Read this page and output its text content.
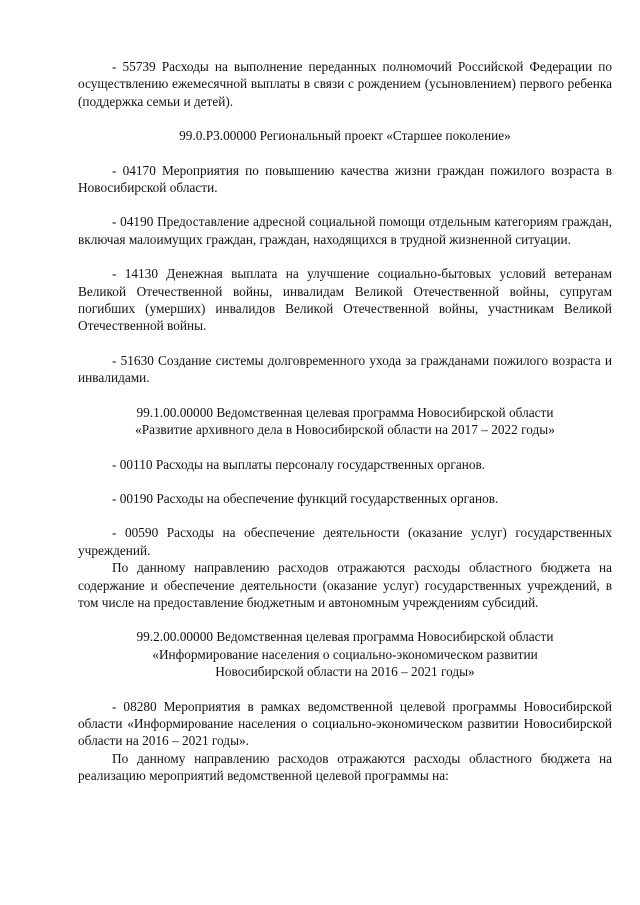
- 55739 Расходы на выполнение переданных полномочий Российской Федерации по осуществлению ежемесячной выплаты в связи с рождением (усыновлением) первого ребенка (поддержка семьи и детей).

99.0.P3.00000 Региональный проект «Старшее поколение»

- 04170 Мероприятия по повышению качества жизни граждан пожилого возраста в Новосибирской области.

- 04190 Предоставление адресной социальной помощи отдельным категориям граждан, включая малоимущих граждан, граждан, находящихся в трудной жизненной ситуации.

- 14130 Денежная выплата на улучшение социально-бытовых условий ветеранам Великой Отечественной войны, инвалидам Великой Отечественной войны, супругам погибших (умерших) инвалидов Великой Отечественной войны, участникам Великой Отечественной войны.

- 51630 Создание системы долговременного ухода за гражданами пожилого возраста и инвалидами.

99.1.00.00000 Ведомственная целевая программа Новосибирской области

«Развитие архивного дела в Новосибирской области на 2017 – 2022 годы»

- 00110 Расходы на выплаты персоналу государственных органов.

- 00190 Расходы на обеспечение функций государственных органов.

- 00590 Расходы на обеспечение деятельности (оказание услуг) государственных учреждений.

По данному направлению расходов отражаются расходы областного бюджета на содержание и обеспечение деятельности (оказание услуг) государственных учреждений, в том числе на предоставление бюджетным и автономным учреждениям субсидий.

99.2.00.00000 Ведомственная целевая программа Новосибирской области

«Информирование населения о социально-экономическом развитии

Новосибирской области на 2016 – 2021 годы»

- 08280 Мероприятия в рамках ведомственной целевой программы Новосибирской области «Информирование населения о социально-экономическом развитии Новосибирской области на 2016 – 2021 годы».

По данному направлению расходов отражаются расходы областного бюджета на реализацию мероприятий ведомственной целевой программы на:
